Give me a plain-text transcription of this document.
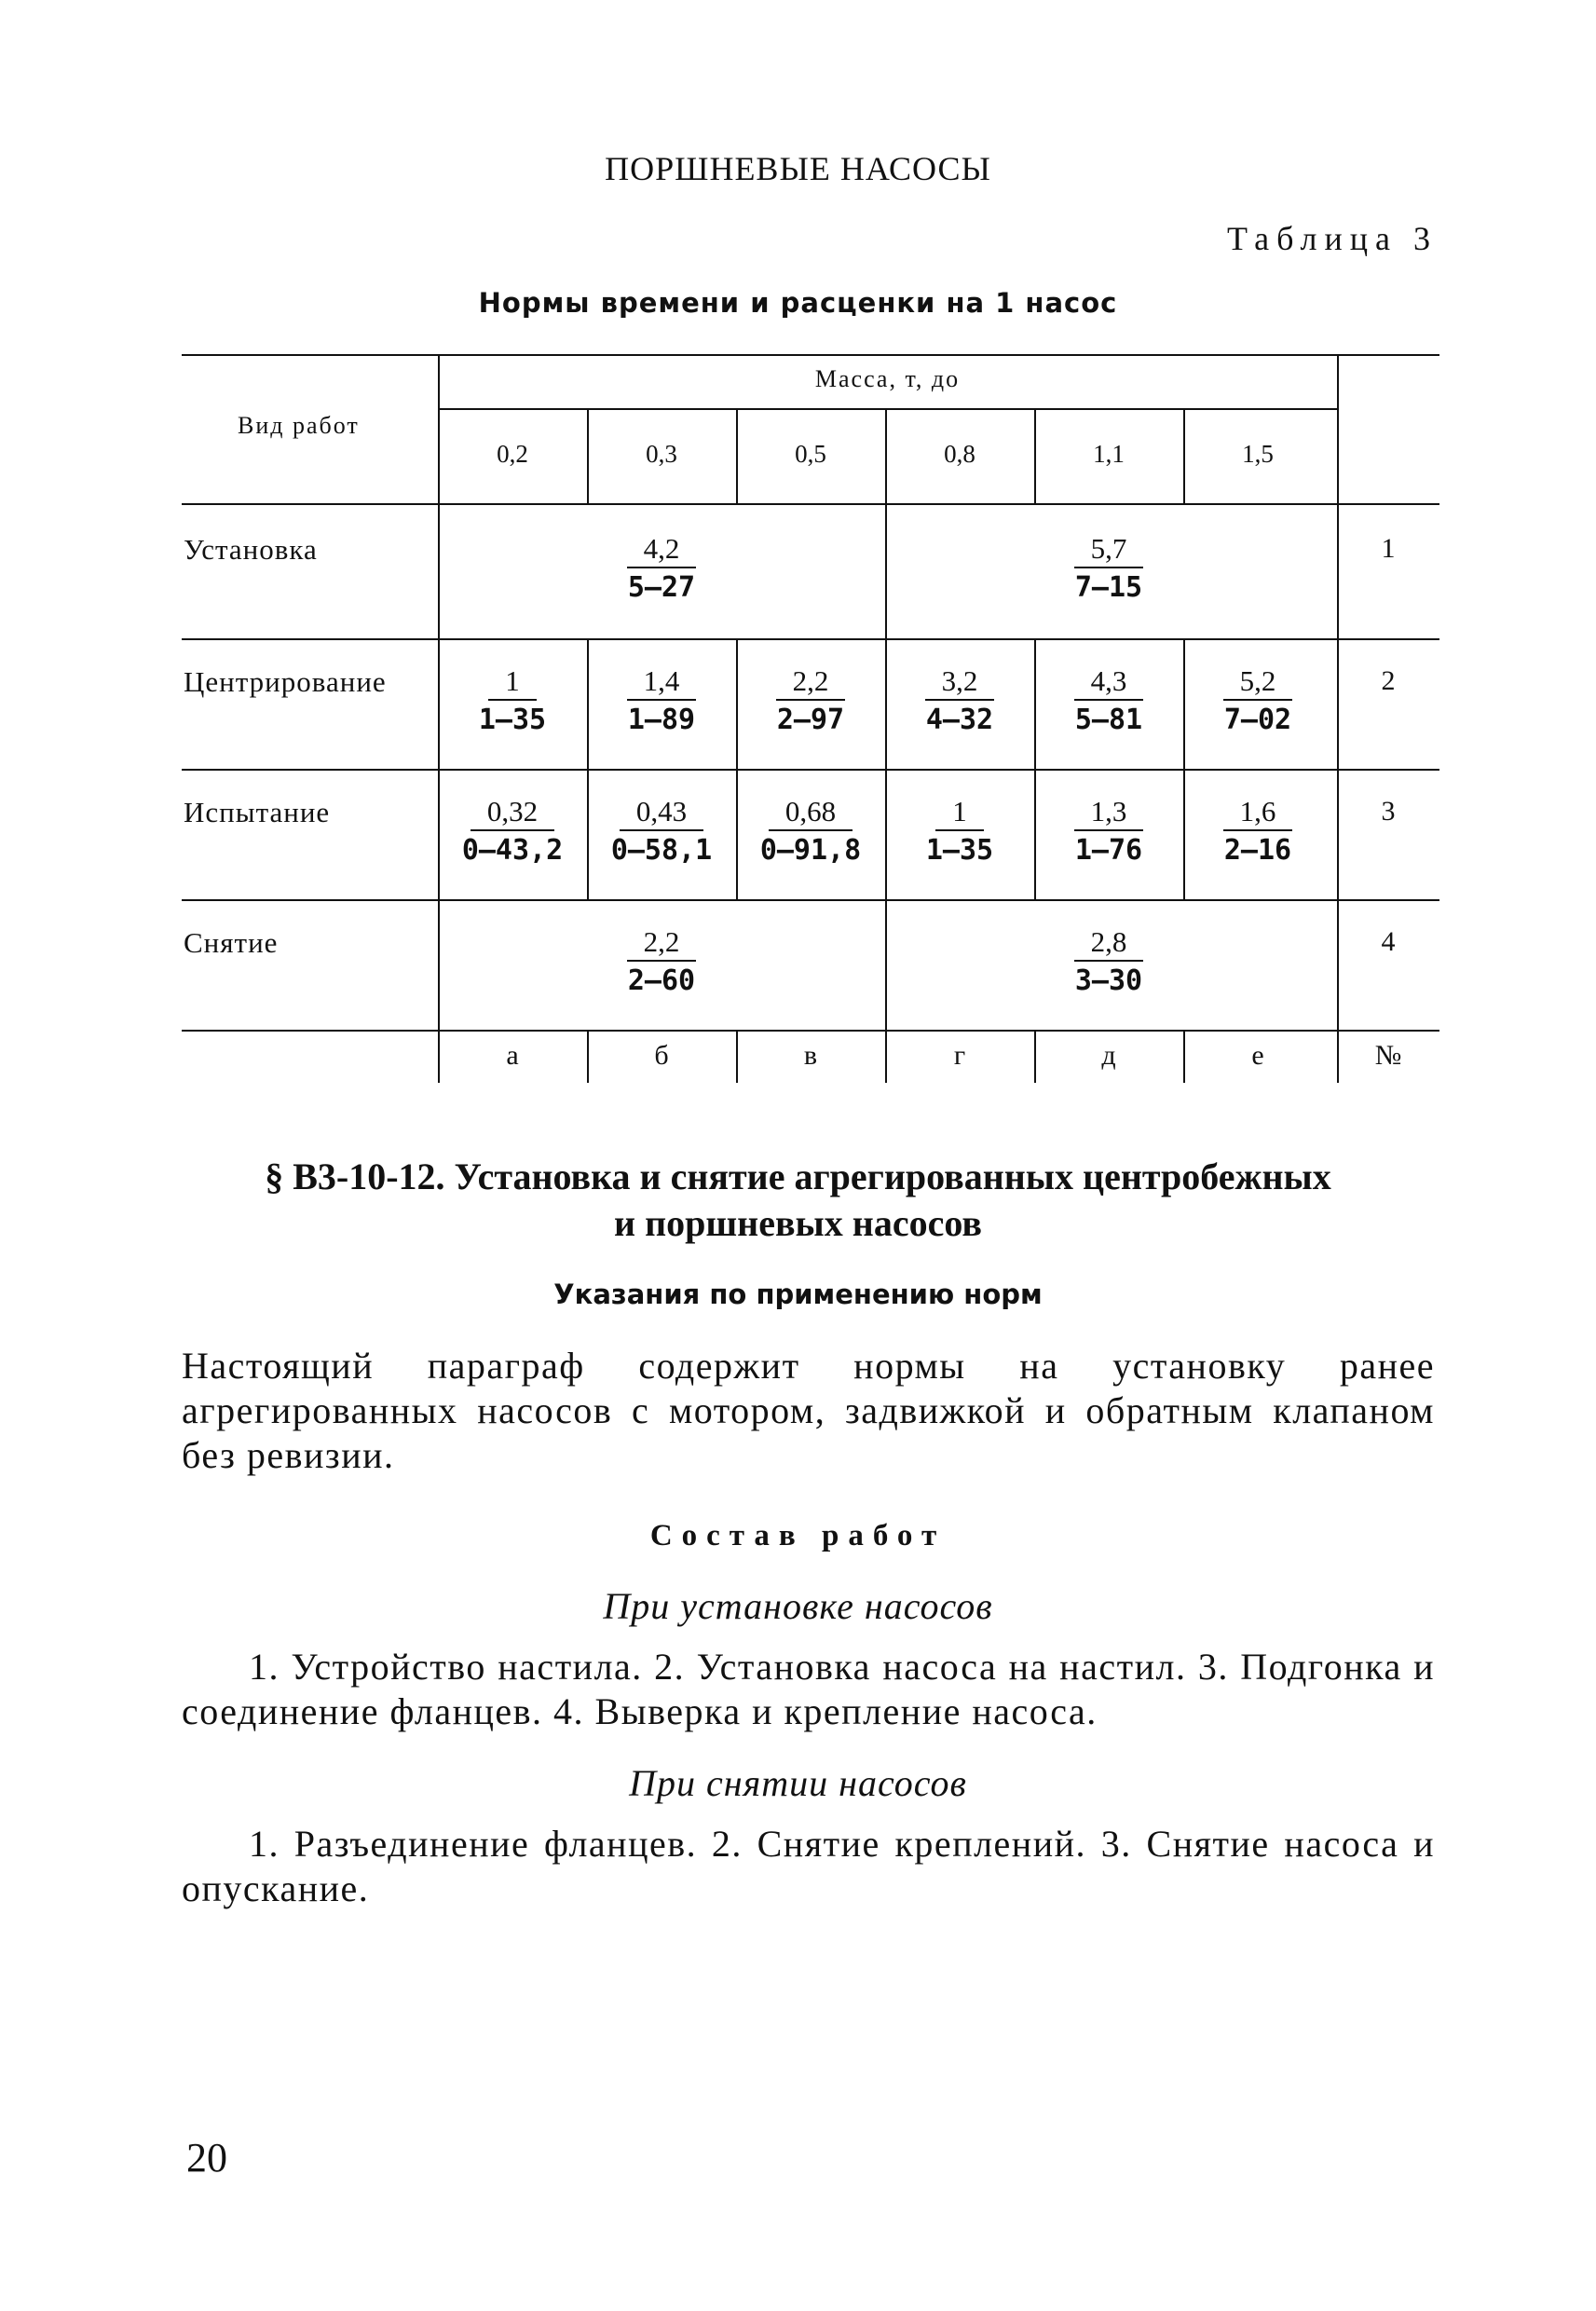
ПОРШНЕВЫЕ НАСОСЫ
Таблица 3
Нормы времени и расценки на 1 насос
Вид работ
Масса, т, до
0,2	0,3	0,5	0,8	1,1	1,5
Установка	$\frac{4,2}{5—27}$	$\frac{5,7}{7—15}$	1
Центрирование $\frac{1}{1—35} \frac{1,4}{1—89} \frac{2,2}{2—97} \frac{3,2}{4—32} \frac{4,3}{5—81} \frac{5,2}{7—02}$	2
Испытание	$\frac{0,32}{0—43,2} \frac{0,43}{0—58,1} \frac{0,68}{0—91,8} \frac{1}{1—35} \frac{1,3}{1—76} \frac{1,6}{2—16}$	3
Снятие	$\frac{2,2}{2—60}$	$\frac{2,8}{3—30}$	4
а	б	в	г	д	е	№
§ В3-10-12. Установка и снятие агрегированных центробежных
и поршневых насосов
Указания по применению норм
Настоящий параграф содержит нормы на установку ранее агрегированных насосов с мотором, задвижкой и обратным клапаном без ревизии.
Состав работ
При установке насосов
1. Устройство настила. 2. Установка насоса на настил. 3. Подгонка и соединение фланцев. 4. Выверка и крепление насоса.
При снятии насосов
1. Разъединение фланцев. 2. Снятие креплений. 3. Снятие насоса и опускание.
20
